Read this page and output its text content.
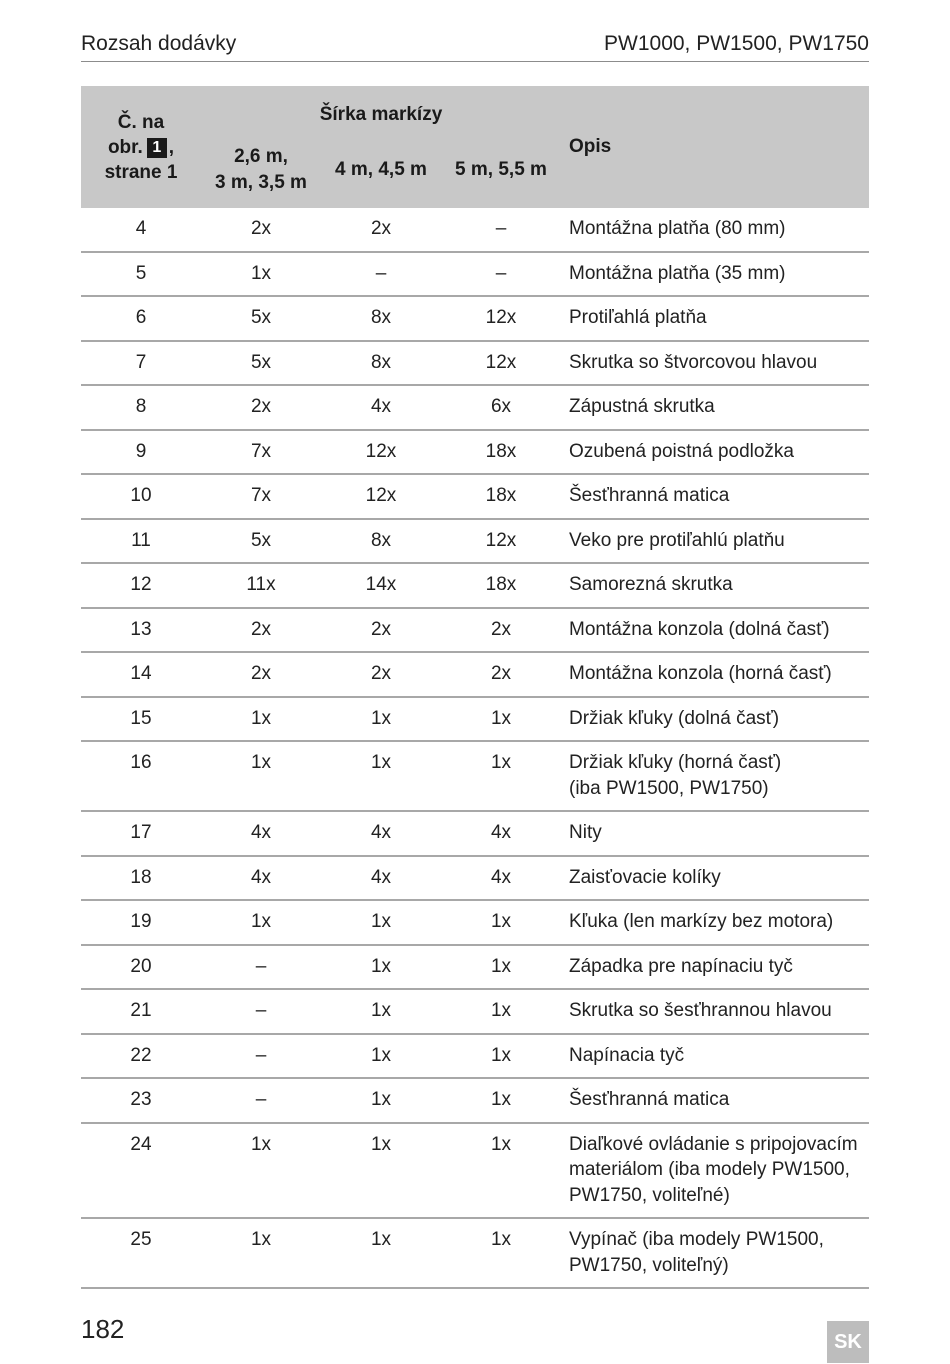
Rozsah dodávky	PW1000, PW1500, PW1750
Č. na
obr. 1 ,
strane 1	Šírka markízy			Opis
	2,6 m,
3 m, 3,5 m	4 m, 4,5 m	5 m, 5,5 m	
4	2x	2x	–	Montážna platňa (80 mm)
5	1x	–	–	Montážna platňa (35 mm)
6	5x	8x	12x	Protiľahlá platňa
7	5x	8x	12x	Skrutka so štvorcovou hlavou
8	2x	4x	6x	Zápustná skrutka
9	7x	12x	18x	Ozubená poistná podložka
10	7x	12x	18x	Šesťhranná matica
11	5x	8x	12x	Veko pre protiľahlú platňu
12	11x	14x	18x	Samorezná skrutka
13	2x	2x	2x	Montážna konzola (dolná časť)
14	2x	2x	2x	Montážna konzola (horná časť)
15	1x	1x	1x	Držiak kľuky (dolná časť)
16	1x	1x	1x	Držiak kľuky (horná časť)
(iba PW1500, PW1750)
17	4x	4x	4x	Nity
18	4x	4x	4x	Zaisťovacie kolíky
19	1x	1x	1x	Kľuka (len markízy bez motora)
20	–	1x	1x	Západka pre napínaciu tyč
21	–	1x	1x	Skrutka so šesťhrannou hlavou
22	–	1x	1x	Napínacia tyč
23	–	1x	1x	Šesťhranná matica
24	1x	1x	1x	Diaľkové ovládanie s pripojovacím
materiálom (iba modely PW1500,
PW1750, voliteľné)
25	1x	1x	1x	Vypínač (iba modely PW1500,
PW1750, voliteľný)
182	SK
